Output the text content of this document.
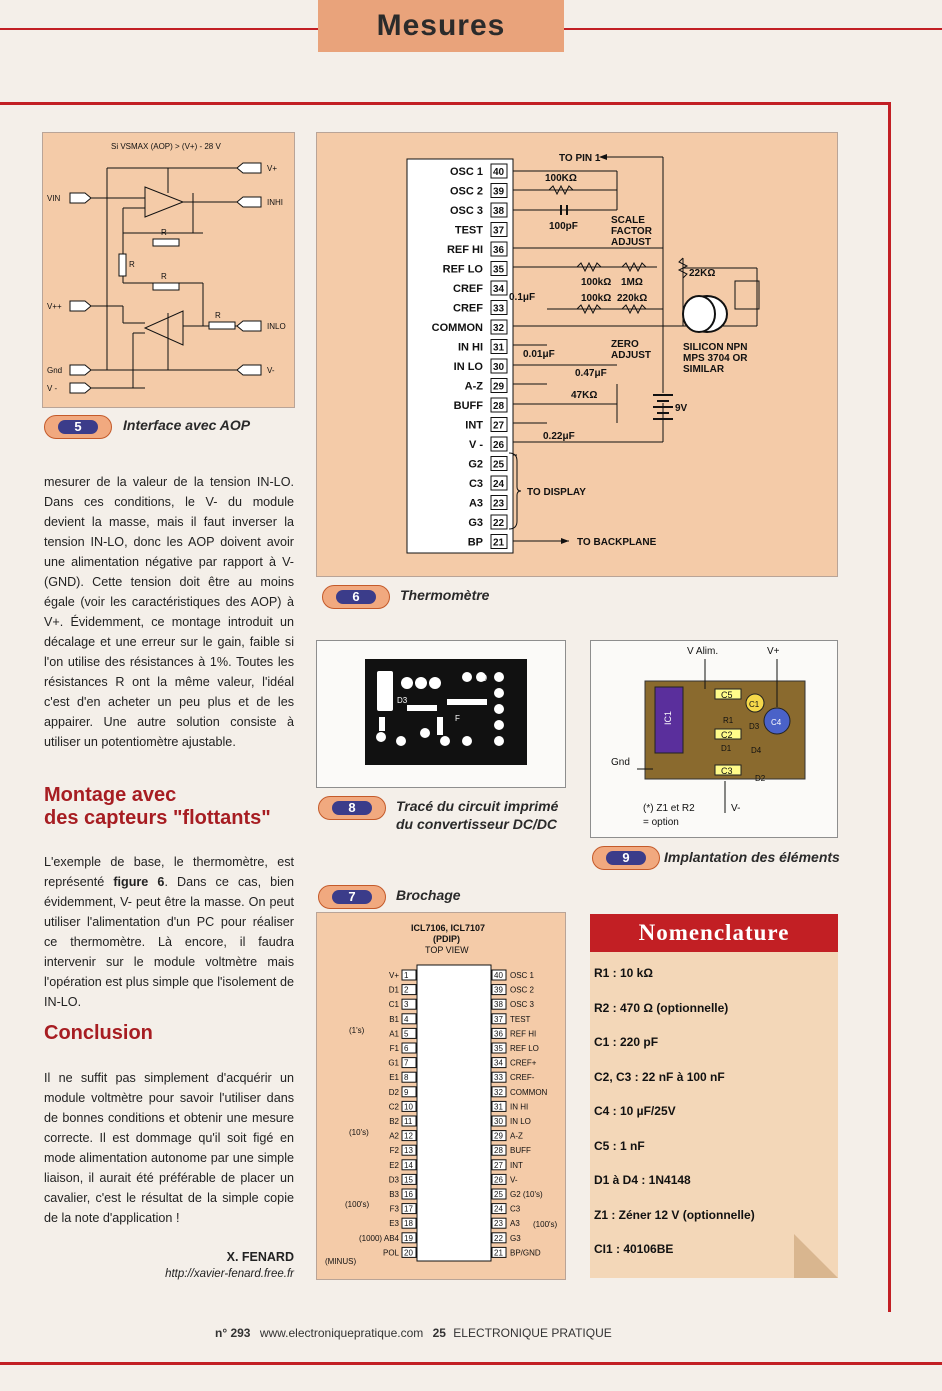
Mesures
Si VSMAX (AOP) > (V+) - 28 V
VIN
V+
INHI
V++
INLO
Gnd
V -
V-
R
R
R
R
5	Interface avec AOP
mesurer de la valeur de la tension IN-LO. Dans ces conditions, le V- du module devient la masse, mais il faut inverser la tension IN-LO, donc les AOP doivent avoir une alimentation négative par rapport à V-(GND). Cette tension doit être au moins égale (voir les caractéristiques des AOP) à V+. Évidemment, ce montage introduit un décalage et une erreur sur le gain, faible si l'on utilise des résistances à 1%. Toutes les résistances R ont la même valeur, l'idéal c'est d'en acheter un peu plus et de les appairer. Une autre solution consiste à utiliser un potentiomètre ajustable.
Montage avec
des capteurs "flottants"
L'exemple de base, le thermomètre, est représenté figure 6. Dans ce cas, bien évidemment, V- peut être la masse. On peut utiliser l'alimentation d'un PC pour réaliser ce thermomètre. Là encore, il faudra intervenir sur le module voltmètre mais l'opération est plus simple que l'isolement de IN-LO.
Conclusion
Il ne suffit pas simplement d'acquérir un module voltmètre pour savoir l'utiliser dans de bonnes conditions et obtenir une mesure correcte. Il est dommage qu'il soit figé en mode alimentation autonome par une simple liaison, il aurait été préférable de placer un cavalier, c'est le résultat de la simple copie de la note d'application !
X. FENARD
http://xavier-fenard.free.fr
OSC 1 40
OSC 2 39
OSC 3 38
TEST 37
REF HI 36
REF LO 35
CREF 34
CREF 33
COMMON 32
IN HI 31
IN LO 30
A-Z 29
BUFF 28
INT 27
V - 26
G2 25
C3 24
A3 23
G3 22
BP 21
TO PIN 1
100KΩ
100pF
SCALE
FACTOR
ADJUST
100kΩ 1MΩ
100kΩ 220kΩ
22KΩ
0.1μF
0.01μF
ZERO
ADJUST
0.47μF
47KΩ
0.22μF
SILICON NPN
MPS 3704 OR
SIMILAR
9V
TO DISPLAY
TO BACKPLANE
6	Thermomètre
20
D3
F
8	Tracé du circuit imprimé
du convertisseur DC/DC
IC1
C5
C1
C2
C3
C4
R1
D1 D4
D2
D3
V Alim.	V+
Gnd
V-
(*) Z1 et R2
= option
9	Implantation des éléments
7	Brochage
ICL7106, ICL7107
(PDIP)
TOP VIEW
V+ 1
D1 2
C1 3
B1 4
A1 5
F1 6
G1 7
E1 8
D2 9
C2 10
B2 11
A2 12
F2 13
E2 14
D3 15
B3 16
F3 17
E3 18
(1000) AB4 19
POL 20
40 OSC 1
39 OSC 2
38 OSC 3
37 TEST
36 REF HI
35 REF LO
34 CREF+
33 CREF-
32 COMMON
31 IN HI
30 IN LO
29 A-Z
28 BUFF
27 INT
26 V-
25 G2 (10's)
24 C3
23 A3
22 G3
21 BP/GND
(1's)
(10's)
(100's)
(100's)
(MINUS)
Nomenclature
R1 : 10 kΩ
R2 : 470 Ω (optionnelle)
C1 : 220 pF
C2, C3 : 22 nF à 100 nF
C4 : 10 µF/25V
C5 : 1 nF
D1 à D4 : 1N4148
Z1 : Zéner 12 V (optionnelle)
CI1 : 40106BE
n° 293 www.electroniquepratique.com 25 ELECTRONIQUE PRATIQUE
